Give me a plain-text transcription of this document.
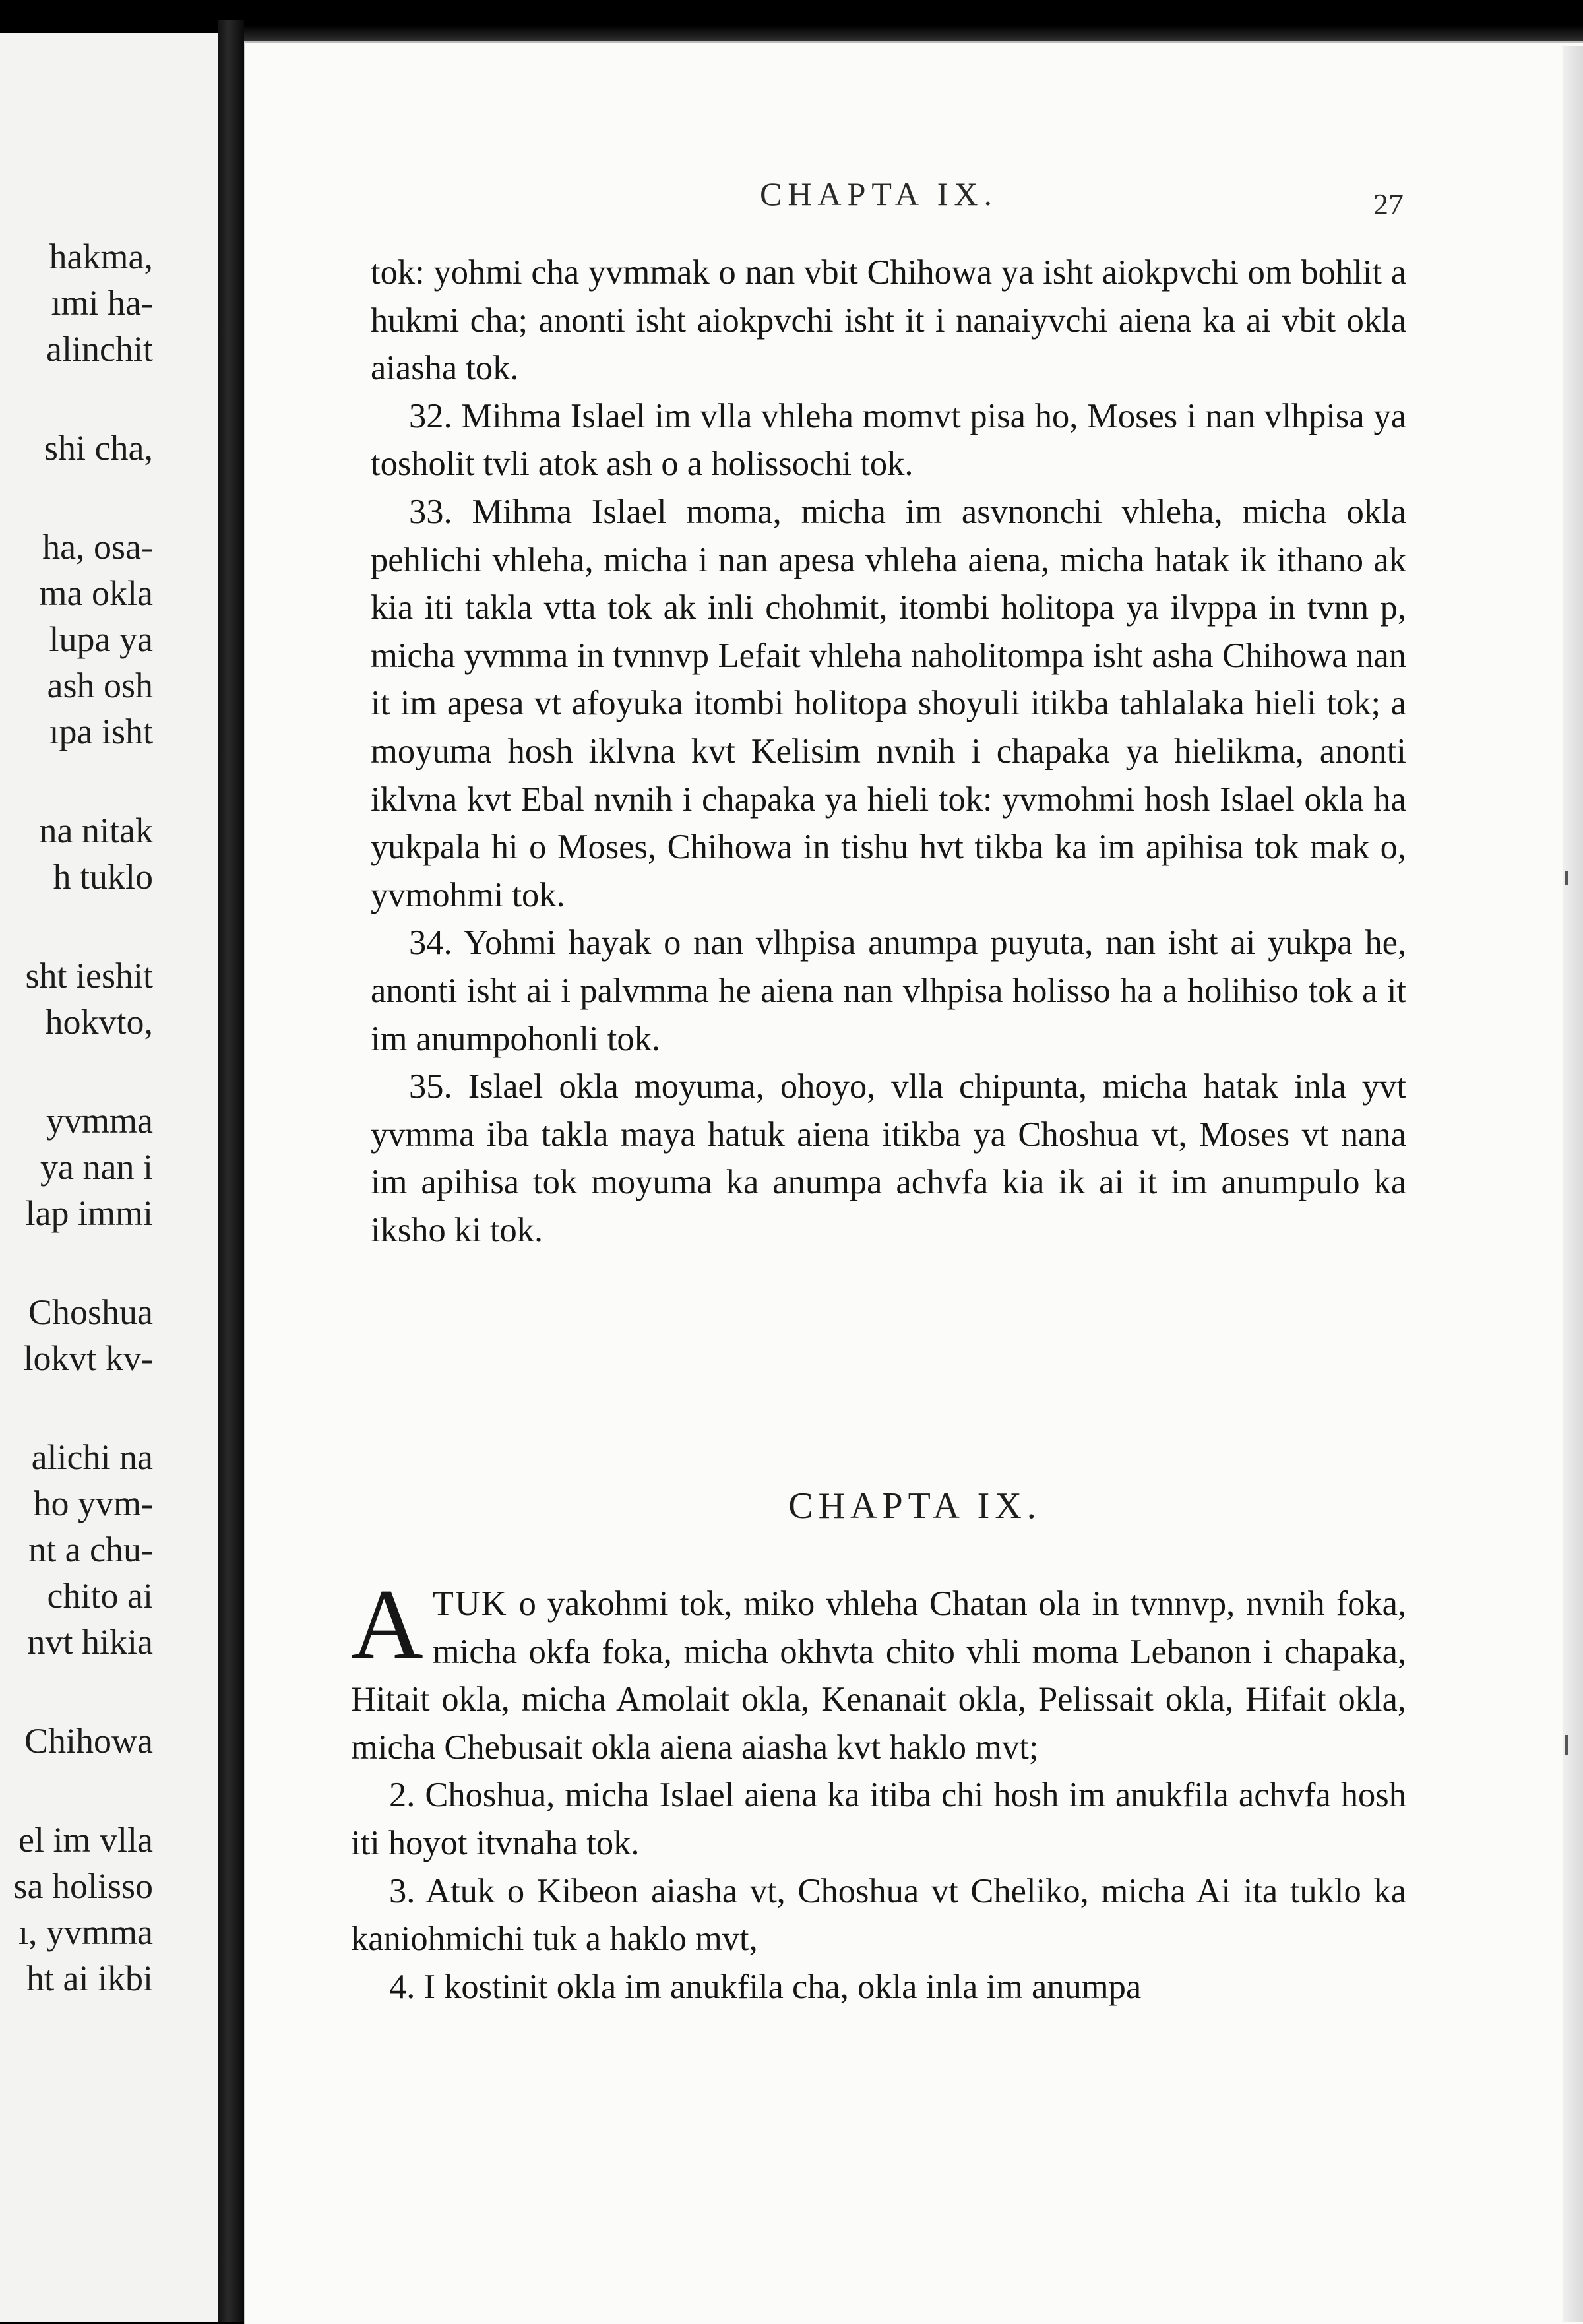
hakma,
ımi ha-
alinchit
shi cha,
ha, osa-
ma okla
lupa ya
ash osh
ıpa isht
na nitak
h tuklo
sht ieshit
hokvto,
yvmma
ya nan i
lap immi
Choshua
lokvt kv-
alichi na
ho yvm-
nt a chu-
chito ai
nvt hikia
Chihowa
el im vlla
sa holisso
ı, yvmma
ht ai ikbi
CHAPTA IX.	27

tok: yohmi cha yvmmak o nan vbit Chihowa ya isht aiokpvchi om bohlit a hukmi cha; anonti isht aiokpvchi isht it i nanaiyvchi aiena ka ai vbit okla aiasha tok.

32. Mihma Islael im vlla vhleha momvt pisa ho, Moses i nan vlhpisa ya tosholit tvli atok ash o a holissochi tok.

33. Mihma Islael moma, micha im asvnonchi vhleha, micha okla pehlichi vhleha, micha i nan apesa vhleha aiena, micha hatak ik ithano ak kia iti takla vtta tok ak inli chohmit, itombi holitopa ya ilvppa in tvnn p, micha yvmma in tvnnvp Lefait vhleha naholitompa isht asha Chihowa nan it im apesa vt afoyuka itombi holitopa shoyuli itikba tahlalaka hieli tok; a moyuma hosh iklvna kvt Kelisim nvnih i chapaka ya hielikma, anonti iklvna kvt Ebal nvnih i chapaka ya hieli tok: yvmohmi hosh Islael okla ha yukpala hi o Moses, Chihowa in tishu hvt tikba ka im apihisa tok mak o, yvmohmi tok.

34. Yohmi hayak o nan vlhpisa anumpa puyuta, nan isht ai yukpa he, anonti isht ai i palvmma he aiena nan vlhpisa holisso ha a holihiso tok a it im anumpohonli tok.

35. Islael okla moyuma, ohoyo, vlla chipunta, micha hatak inla yvt yvmma iba takla maya hatuk aiena itikba ya Choshua vt, Moses vt nana im apihisa tok moyuma ka anumpa achvfa kia ik ai it im anumpulo ka iksho ki tok.

CHAPTA IX.

ATUK o yakohmi tok, miko vhleha Chatan ola in tvnnvp, nvnih foka, micha okfa foka, micha okhvta chito vhli moma Lebanon i chapaka, Hitait okla, micha Amolait okla, Kenanait okla, Pelissait okla, Hifait okla, micha Chebusait okla aiena aiasha kvt haklo mvt;

2. Choshua, micha Islael aiena ka itiba chi hosh im anukfila achvfa hosh iti hoyot itvnaha tok.

3. Atuk o Kibeon aiasha vt, Choshua vt Cheliko, micha Ai ita tuklo ka kaniohmichi tuk a haklo mvt,

4. I kostinit okla im anukfila cha, okla inla im anumpa
